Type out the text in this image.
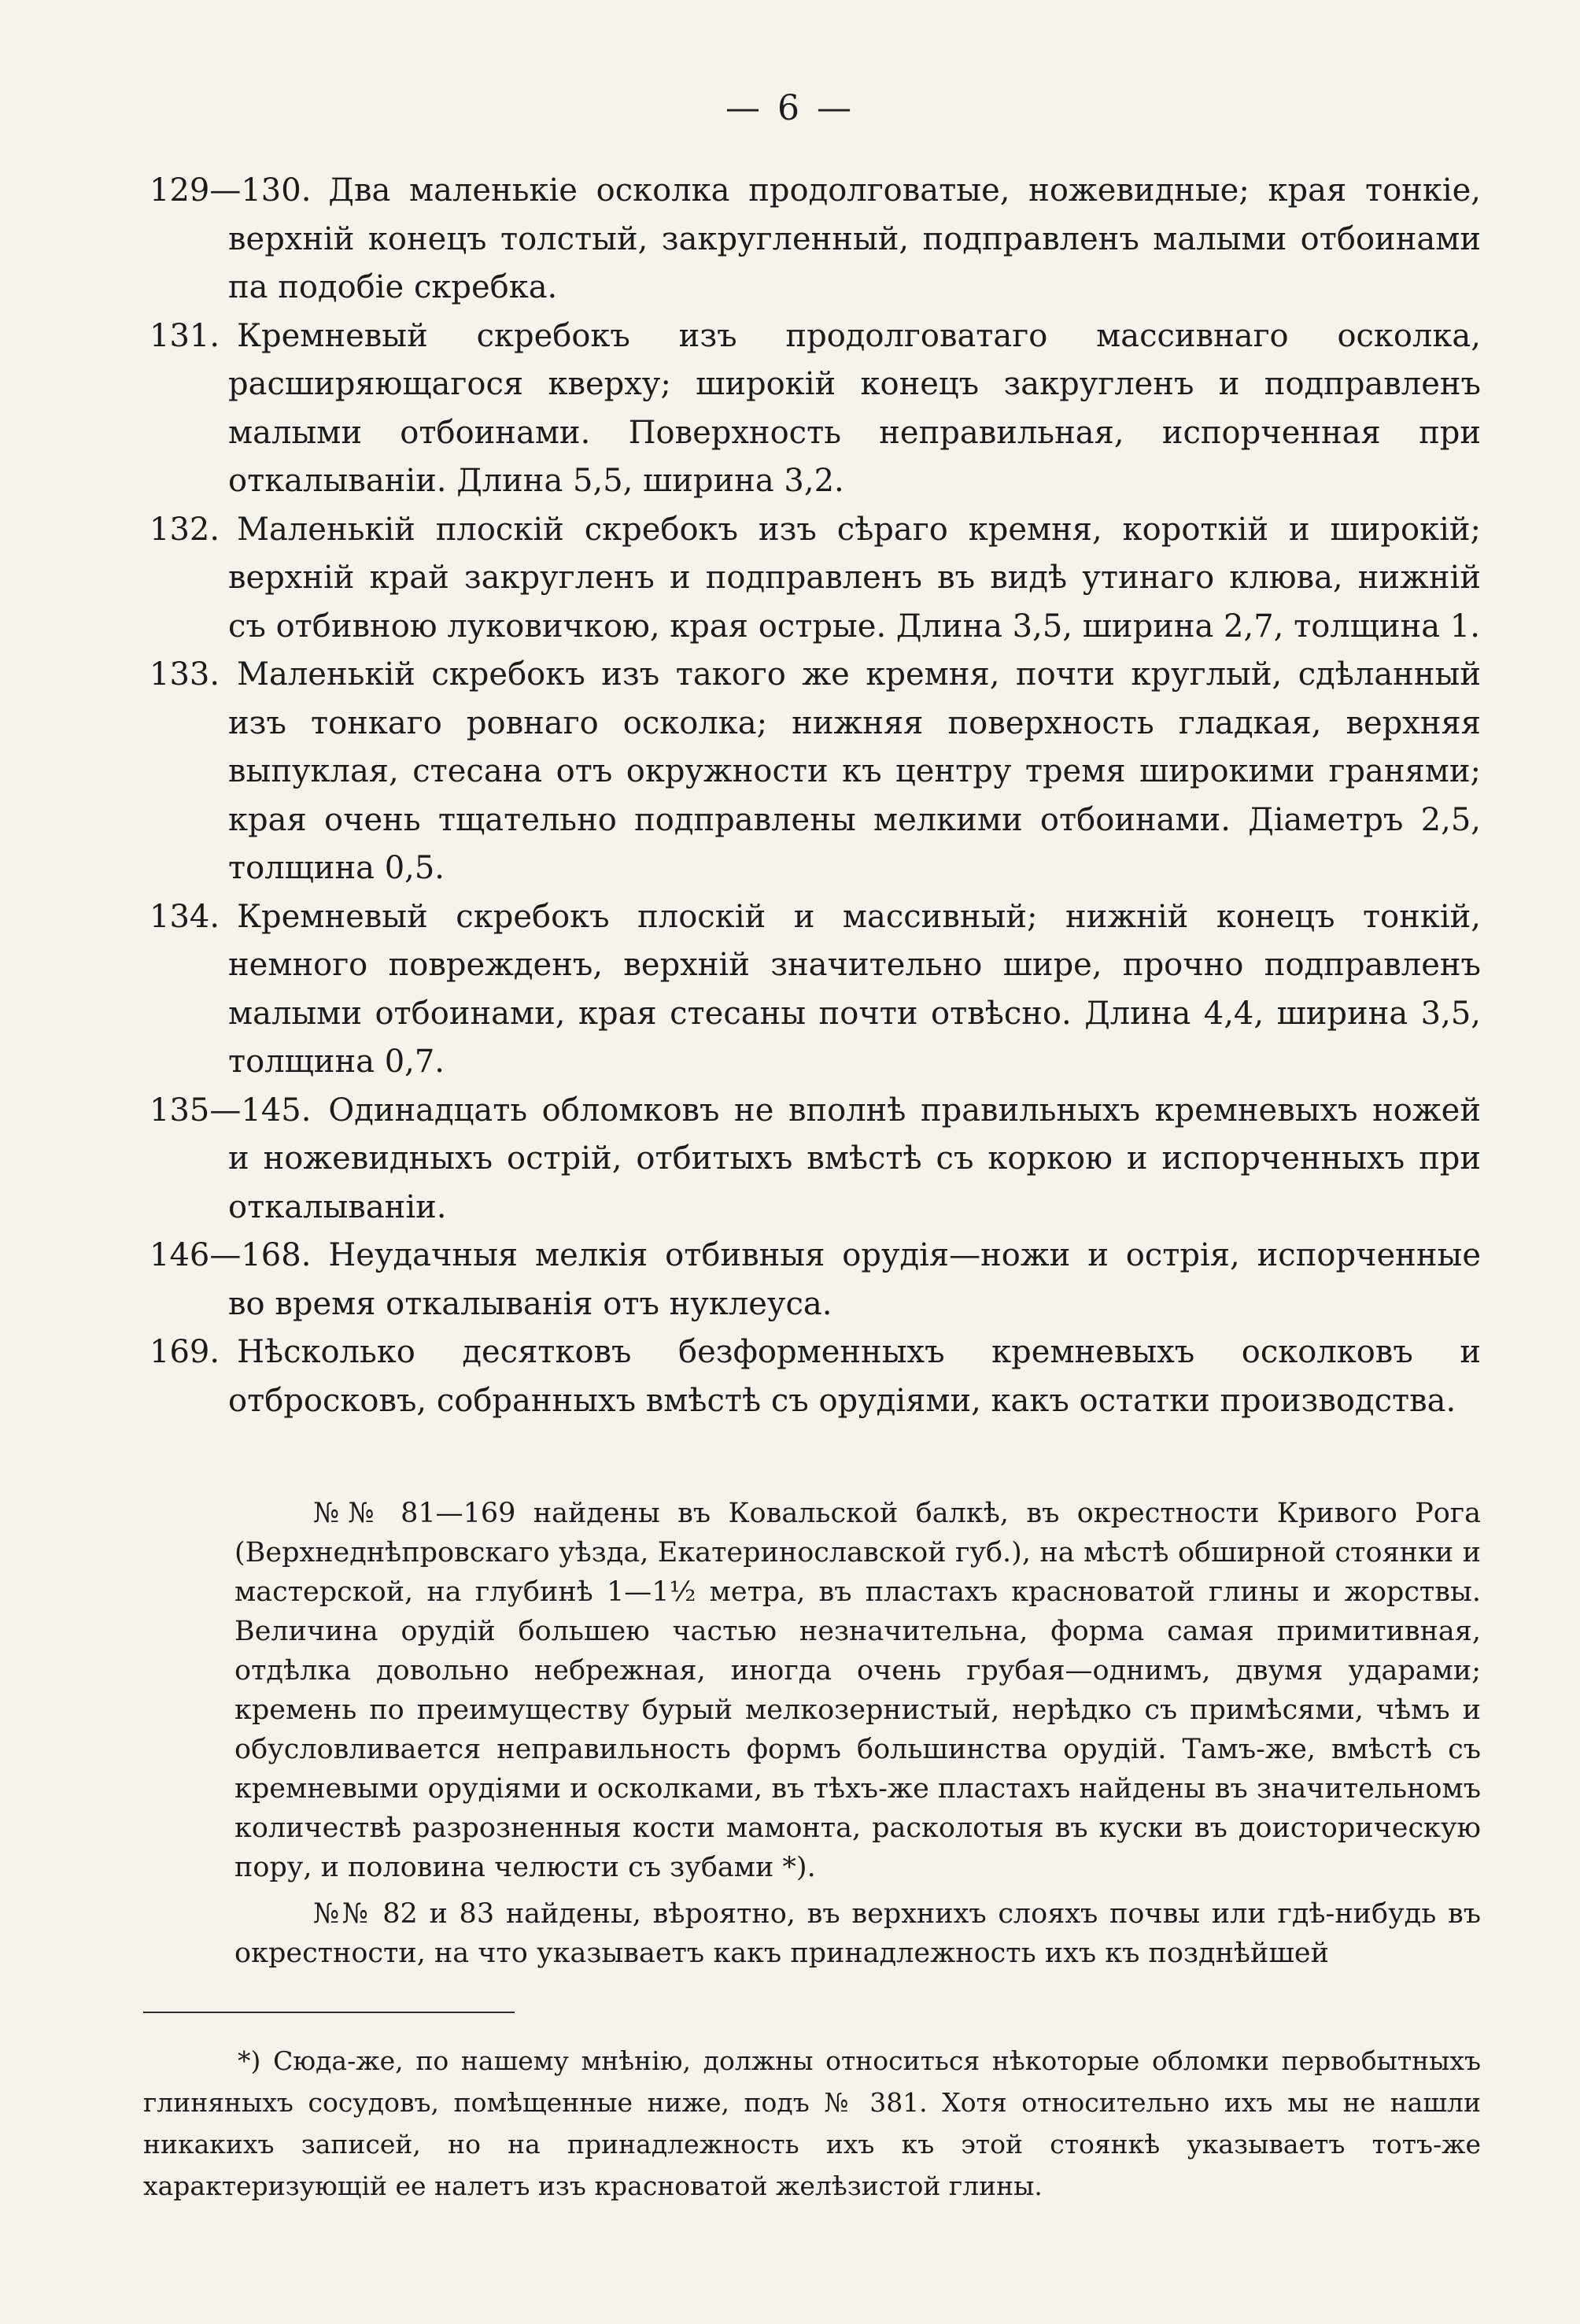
— 6 —

129—130. Два маленькіе осколка продолговатые, ножевидные; края тонкіе, верхній конецъ толстый, закругленный, подправленъ малыми отбоинами па подобіе скребка.

131. Кремневый скребокъ изъ продолговатаго массивнаго осколка, расширяющагося кверху; широкій конецъ закругленъ и подправленъ малыми отбоинами. Поверхность неправильная, испорченная при откалываніи. Длина 5,5, ширина 3,2.

132. Маленькій плоскій скребокъ изъ сѣраго кремня, короткій и широкій; верхній край закругленъ и подправленъ въ видѣ утинаго клюва, нижній съ отбивною луковичкою, края острые. Длина 3,5, ширина 2,7, толщина 1.

133. Маленькій скребокъ изъ такого же кремня, почти круглый, сдѣланный изъ тонкаго ровнаго осколка; нижняя поверхность гладкая, верхняя выпуклая, стесана отъ окружности къ центру тремя широкими гранями; края очень тщательно подправлены мелкими отбоинами. Діаметръ 2,5, толщина 0,5.

134. Кремневый скребокъ плоскій и массивный; нижній конецъ тонкій, немного поврежденъ, верхній значительно шире, прочно подправленъ малыми отбоинами, края стесаны почти отвѣсно. Длина 4,4, ширина 3,5, толщина 0,7.

135—145. Одинадцать обломковъ не вполнѣ правильныхъ кремневыхъ ножей и ножевидныхъ острій, отбитыхъ вмѣстѣ съ коркою и испорченныхъ при откалываніи.

146—168. Неудачныя мелкія отбивныя орудія—ножи и острія, испорченные во время откалыванія отъ нуклеуса.

169. Нѣсколько десятковъ безформенныхъ кремневыхъ осколковъ и отбросковъ, собранныхъ вмѣстѣ съ орудіями, какъ остатки производства.

№№ 81—169 найдены въ Ковальской балкѣ, въ окрестности Кривого Рога (Верхнеднѣпровскаго уѣзда, Екатеринославской губ.), на мѣстѣ обширной стоянки и мастерской, на глубинѣ 1—1½ метра, въ пластахъ красноватой глины и жорствы. Величина орудій большею частью незначительна, форма самая примитивная, отдѣлка довольно небрежная, иногда очень грубая—однимъ, двумя ударами; кремень по преимуществу бурый мелкозернистый, нерѣдко съ примѣсями, чѣмъ и обусловливается неправильность формъ большинства орудій. Тамъ-же, вмѣстѣ съ кремневыми орудіями и осколками, въ тѣхъ-же пластахъ найдены въ значительномъ количествѣ разрозненныя кости мамонта, расколотыя въ куски въ доисторическую пору, и половина челюсти съ зубами *).

№№ 82 и 83 найдены, вѣроятно, въ верхнихъ слояхъ почвы или гдѣ-нибудь въ окрестности, на что указываетъ какъ принадлежность ихъ къ позднѣйшей

*) Сюда-же, по нашему мнѣнію, должны относиться нѣкоторые обломки первобытныхъ глиняныхъ сосудовъ, помѣщенные ниже, подъ № 381. Хотя относительно ихъ мы не нашли никакихъ записей, но на принадлежность ихъ къ этой стоянкѣ указываетъ тотъ-же характеризующій ее налетъ изъ красноватой желѣзистой глины.
